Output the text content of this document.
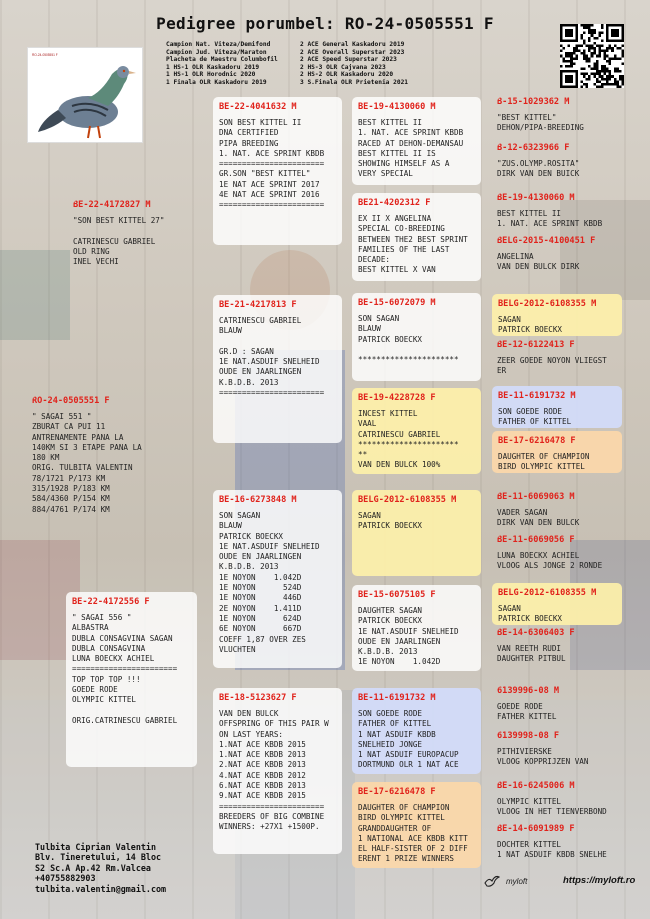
Pedigree porumbel: RO-24-0505551 F
Campion Nat. Viteza/Demifond
Campion Jud. Viteza/Maraton
Placheta de Maestru Columbofil
1 HS-1 OLR Kaskadoru 2019
1 HS-1 OLR Horodnic 2020
1 Finala OLR Kaskadoru 2019
2 ACE General Kaskadoru 2019
2 ACE Overall Superstar 2023
2 ACE Speed Superstar 2023
2 HS-3 OLR Cajvana 2023
2 HS-2 OLR Kaskadoru 2020
3 S.Finala OLR Prietenia 2021
RO-24-0505551 F
RO-24-0505551 F
" SAGAI 551 "
ZBURAT CA PUI 11
ANTRENAMENTE PANA LA
140KM SI 3 ETAPE PANA LA
180 KM
ORIG. TULBITA VALENTIN
78/1721 P/173 KM
315/1928 P/183 KM
584/4360 P/154 KM
884/4761 P/174 KM
BE-22-4172827 M
"SON BEST KITTEL 27"

CATRINESCU GABRIEL
OLD RING
INEL VECHI
BE-22-4172556 F
" SAGAI 556 "
ALBASTRA
DUBLA CONSAGVINA SAGAN
DUBLA CONSAGVINA
LUNA BOECKX ACHIEL
=======================
TOP TOP TOP !!!
GOEDE RODE
OLYMPIC KITTEL

ORIG.CATRINESCU GABRIEL
BE-22-4041632 M
SON BEST KITTEL II
DNA CERTIFIED
PIPA BREEDING
1. NAT. ACE SPRINT KBDB
=======================
GR.SON "BEST KITTEL"
1E NAT ACE SPRINT 2017
4E NAT ACE SPRINT 2016
=======================
BE-21-4217813 F
CATRINESCU GABRIEL
BLAUW

GR.D : SAGAN
1E NAT.ASDUIF SNELHEID
OUDE EN JAARLINGEN
K.B.D.B. 2013
=======================
BE-16-6273848 M
SON SAGAN
BLAUW
PATRICK BOECKX
1E NAT.ASDUIF SNELHEID
OUDE EN JAARLINGEN
K.B.D.B. 2013
1E NOYON    1.042D
1E NOYON      524D
1E NOYON      446D
2E NOYON    1.411D
1E NOYON      624D
6E NOYON      667D
COEFF 1,87 OVER ZES
VLUCHTEN
BE-18-5123627 F
VAN DEN BULCK
OFFSPRING OF THIS PAIR W
ON LAST YEARS:
1.NAT ACE KBDB 2015
1.NAT ACE KBDB 2013
2.NAT ACE KBDB 2013
4.NAT ACE KBDB 2012
6.NAT ACE KBDB 2013
9.NAT ACE KBDB 2015
=======================
BREEDERS OF BIG COMBINE
WINNERS: +27X1 +1500P.
BE-19-4130060 M
BEST KITTEL II
1. NAT. ACE SPRINT KBDB
RACED AT DEHON-DEMANSAU
BEST KITTEL II IS
SHOWING HIMSELF AS A
VERY SPECIAL
BE21-4202312 F
EX II X ANGELINA
SPECIAL CO-BREEDING
BETWEEN THE2 BEST SPRINT
FAMILIES OF THE LAST
DECADE:
BEST KITTEL X VAN
BE-15-6072079 M
SON SAGAN
BLAUW
PATRICK BOECKX

**********************
BE-19-4228728 F
INCEST KITTEL
VAAL
CATRINESCU GABRIEL
**********************
**
VAN DEN BULCK 100%
BELG-2012-6108355 M
SAGAN
PATRICK BOECKX
BE-15-6075105 F
DAUGHTER SAGAN
PATRICK BOECKX
1E NAT.ASDUIF SNELHEID
OUDE EN JAARLINGEN
K.B.D.B. 2013
1E NOYON    1.042D
BE-11-6191732 M
SON GOEDE RODE
FATHER OF KITTEL
1 NAT ASDUIF KBDB
SNELHEID JONGE
1 NAT ASDUIF EUROPACUP
DORTMUND OLR 1 NAT ACE
BE-17-6216478 F
DAUGHTER OF CHAMPION
BIRD OLYMPIC KITTEL
GRANDDAUGHTER OF
1 NATIONAL ACE KBDB KITT
EL HALF-SISTER OF 2 DIFF
ERENT 1 PRIZE WINNERS
B-15-1029362 M
"BEST KITTEL"
DEHON/PIPA-BREEDING
B-12-6323966 F
"ZUS.OLYMP.ROSITA"
DIRK VAN DEN BUICK
BE-19-4130060 M
BEST KITTEL II
1. NAT. ACE SPRINT KBDB
BELG-2015-4100451 F
ANGELINA
VAN DEN BULCK DIRK
BELG-2012-6108355 M
SAGAN
PATRICK BOECKX
BE-12-6122413 F
ZEER GOEDE NOYON VLIEGST
ER
BE-11-6191732 M
SON GOEDE RODE
FATHER OF KITTEL
BE-17-6216478 F
DAUGHTER OF CHAMPION
BIRD OLYMPIC KITTEL
BE-11-6069063 M
VADER SAGAN
DIRK VAN DEN BULCK
BE-11-6069056 F
LUNA BOECKX ACHIEL
VLOOG ALS JONGE 2 RONDE
BELG-2012-6108355 M
SAGAN
PATRICK BOECKX
BE-14-6306403 F
VAN REETH RUDI
DAUGHTER PITBUL
6139996-08 M
GOEDE RODE
FATHER KITTEL
6139998-08 F
PITHIVIERSKE
VLOOG KOPPRIJZEN VAN
BE-16-6245006 M
OLYMPIC KITTEL
VLOOG IN HET TIENVERBOND
BE-14-6091989 F
DOCHTER KITTEL
1 NAT ASDUIF KBDB SNELHE
Tulbita Ciprian Valentin
Blv. Tineretului, 14 Bloc
S2 Sc.A Ap.42 Rm.Valcea
+40755882903
tulbita.valentin@gmail.com
myloft	https://myloft.ro
